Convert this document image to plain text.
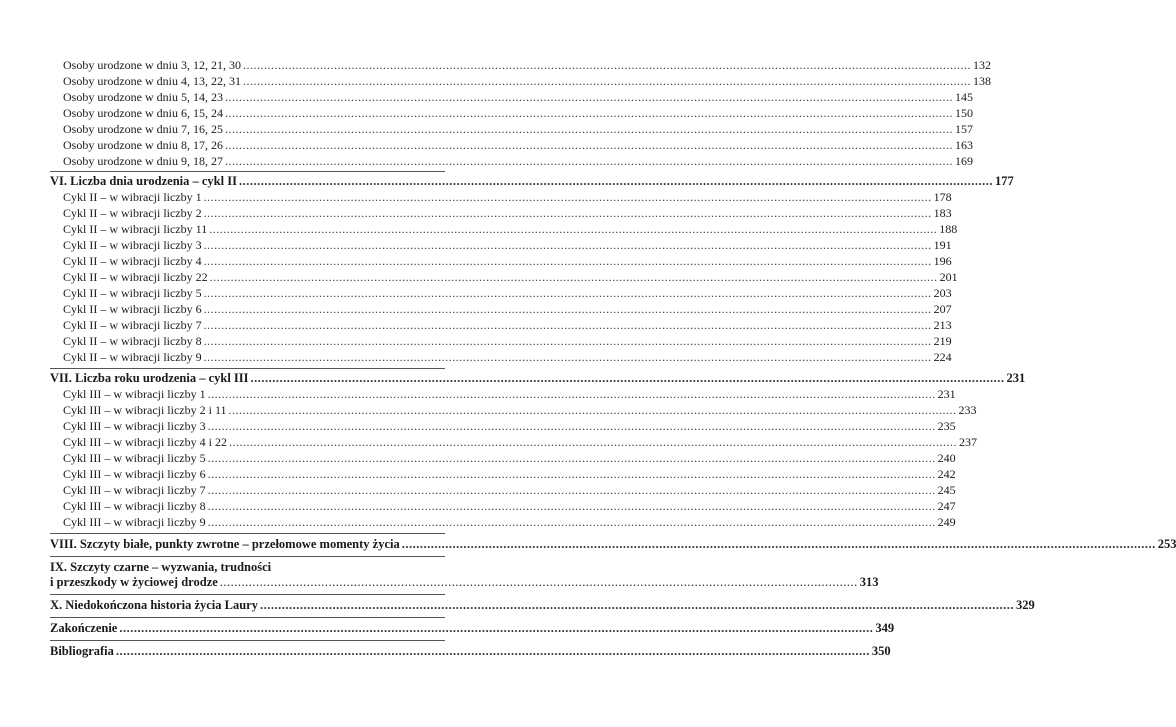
Osoby urodzone w dniu 3, 12, 21, 30 .....	132
Osoby urodzone w dniu 4, 13, 22, 31 .....	138
Osoby urodzone w dniu 5, 14, 23 .....	145
Osoby urodzone w dniu 6, 15, 24 .....	150
Osoby urodzone w dniu 7, 16, 25 .....	157
Osoby urodzone w dniu 8, 17, 26 .....	163
Osoby urodzone w dniu 9, 18, 27 .....	169
VI. Liczba dnia urodzenia – cykl II .....	177
Cykl II – w wibracji liczby 1 .....	178
Cykl II – w wibracji liczby 2 .....	183
Cykl II – w wibracji liczby 11 .....	188
Cykl II – w wibracji liczby 3 .....	191
Cykl II – w wibracji liczby 4 .....	196
Cykl II – w wibracji liczby 22 .....	201
Cykl II – w wibracji liczby 5 .....	203
Cykl II – w wibracji liczby 6 .....	207
Cykl II – w wibracji liczby 7 .....	213
Cykl II – w wibracji liczby 8 .....	219
Cykl II – w wibracji liczby 9 .....	224
VII. Liczba roku urodzenia – cykl III .....	231
Cykl III – w wibracji liczby 1 .....	231
Cykl III – w wibracji liczby 2 i 11 .....	233
Cykl III – w wibracji liczby 3 .....	235
Cykl III – w wibracji liczby 4 i 22 .....	237
Cykl III – w wibracji liczby 5 .....	240
Cykl III – w wibracji liczby 6 .....	242
Cykl III – w wibracji liczby 7 .....	245
Cykl III – w wibracji liczby 8 .....	247
Cykl III – w wibracji liczby 9 .....	249
VIII. Szczyty białe, punkty zwrotne – przełomowe momenty życia .....	253
IX. Szczyty czarne – wyzwania, trudności
i przeszkody w życiowej drodze ................................................................................................................................................................................ 313
X. Niedokończona historia życia Laury .....	329
Zakończenie .....	349
Bibliografia .....	350
